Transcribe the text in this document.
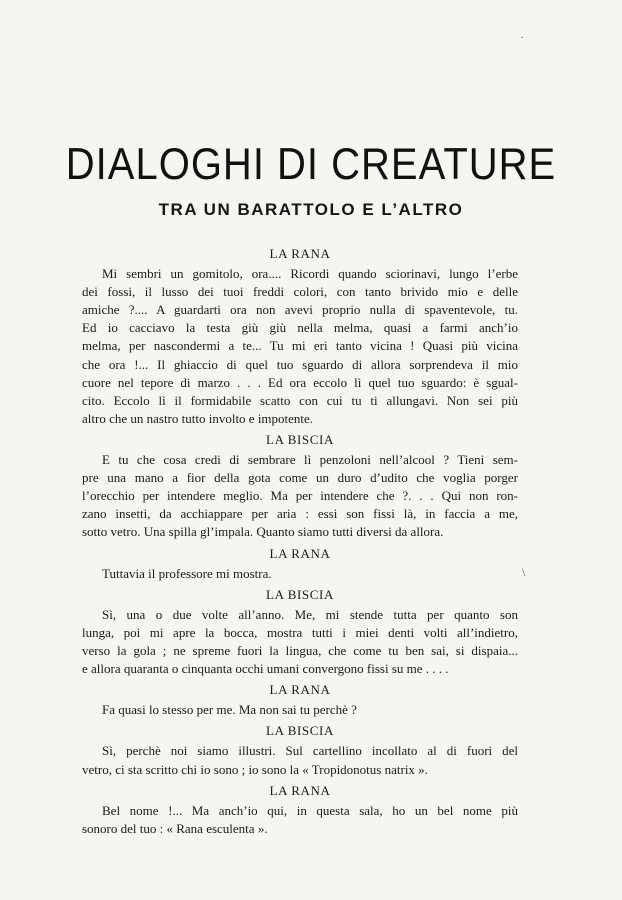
DIALOGHI DI CREATURE
TRA UN BARATTOLO E L’ALTRO
LA RANA
Mi sembri un gomitolo, ora.... Ricordi quando sciorinavi, lungo l’erbe
dei fossi, il lusso dei tuoi freddi colori, con tanto brivido mio e delle
amiche ?.... A guardarti ora non avevi proprio nulla di spaventevole, tu.
Ed io cacciavo la testa giù giù nella melma, quasi a farmi anch’io
melma, per nascondermi a te... Tu mi eri tanto vicina ! Quasi più vicina
che ora !... Il ghiaccio di quel tuo sguardo di allora sorprendeva il mio
cuore nel tepore di marzo . . . Ed ora eccolo lì quel tuo sguardo: è sgual-
cito. Eccolo lì il formidabile scatto con cui tu ti allungavi. Non sei più
altro che un nastro tutto involto e impotente.
LA BISCIA
E tu che cosa credi di sembrare lì penzoloni nell’alcool ? Tieni sem-
pre una mano a fior della gota come un duro d’udito che voglia porger
l’orecchio per intendere meglio. Ma per intendere che ?. . . Qui non ron-
zano insetti, da acchiappare per aria : essi son fissi là, in faccia a me,
sotto vetro. Una spilla gl’impala. Quanto siamo tutti diversi da allora.
LA RANA
Tuttavia il professore mi mostra.
LA BISCIA
Sì, una o due volte all’anno. Me, mi stende tutta per quanto son
lunga, poi mi apre la bocca, mostra tutti i miei denti volti all’indietro,
verso la gola ; ne spreme fuori la lingua, che come tu ben sai, si dispaia...
e allora quaranta o cinquanta occhi umani convergono fissi su me . . . .
LA RANA
Fa quasi lo stesso per me. Ma non sai tu perchè ?
LA BISCIA
Sì, perchè noi siamo illustri. Sul cartellino incollato al di fuori del
vetro, ci sta scritto chi io sono ; io sono la « Tropidonotus natrix ».
LA RANA
Bel nome !... Ma anch’io qui, in questa sala, ho un bel nome più
sonoro del tuo : « Rana esculenta ».
·
\
